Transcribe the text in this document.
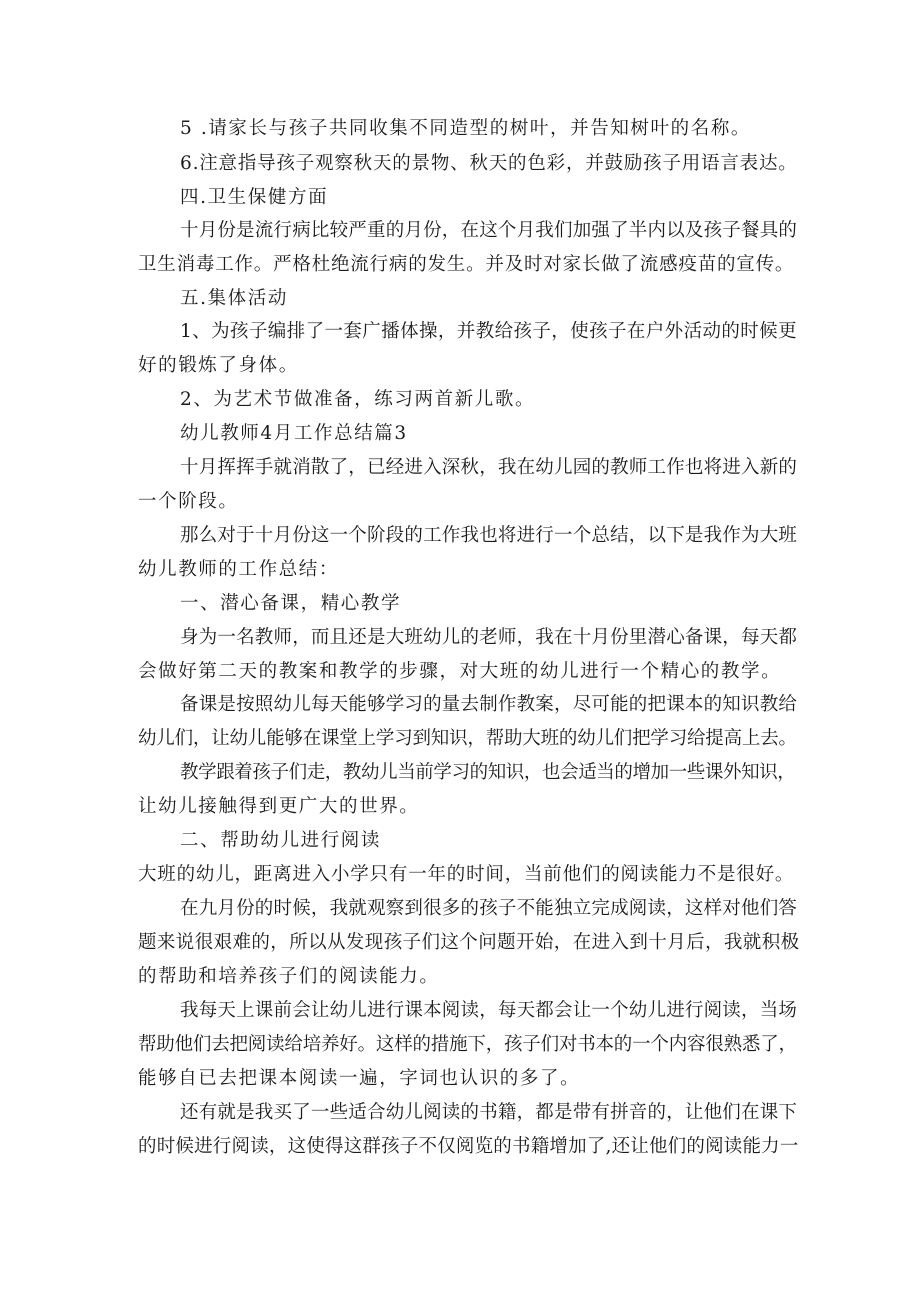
5 .请家长与孩子共同收集不同造型的树叶，并告知树叶的名称。
6.注意指导孩子观察秋天的景物、秋天的色彩，并鼓励孩子用语言表达。
四.卫生保健方面
十月份是流行病比较严重的月份，在这个月我们加强了半内以及孩子餐具的
卫生消毒工作。严格杜绝流行病的发生。并及时对家长做了流感疫苗的宣传。
五.集体活动
1、为孩子编排了一套广播体操，并教给孩子，使孩子在户外活动的时候更
好的锻炼了身体。
2、为艺术节做准备，练习两首新儿歌。
幼儿教师4月工作总结篇3
十月挥挥手就消散了，已经进入深秋，我在幼儿园的教师工作也将进入新的
一个阶段。
那么对于十月份这一个阶段的工作我也将进行一个总结，以下是我作为大班
幼儿教师的工作总结：
一、潜心备课，精心教学
身为一名教师，而且还是大班幼儿的老师，我在十月份里潜心备课，每天都
会做好第二天的教案和教学的步骤，对大班的幼儿进行一个精心的教学。
备课是按照幼儿每天能够学习的量去制作教案，尽可能的把课本的知识教给
幼儿们，让幼儿能够在课堂上学习到知识，帮助大班的幼儿们把学习给提高上去。
教学跟着孩子们走，教幼儿当前学习的知识，也会适当的增加一些课外知识，
让幼儿接触得到更广大的世界。
二、帮助幼儿进行阅读
大班的幼儿，距离进入小学只有一年的时间，当前他们的阅读能力不是很好。
在九月份的时候，我就观察到很多的孩子不能独立完成阅读，这样对他们答
题来说很艰难的，所以从发现孩子们这个问题开始，在进入到十月后，我就积极
的帮助和培养孩子们的阅读能力。
我每天上课前会让幼儿进行课本阅读，每天都会让一个幼儿进行阅读，当场
帮助他们去把阅读给培养好。这样的措施下，孩子们对书本的一个内容很熟悉了，
能够自已去把课本阅读一遍，字词也认识的多了。
还有就是我买了一些适合幼儿阅读的书籍，都是带有拼音的，让他们在课下
的时候进行阅读，这使得这群孩子不仅阅览的书籍增加了,还让他们的阅读能力一
